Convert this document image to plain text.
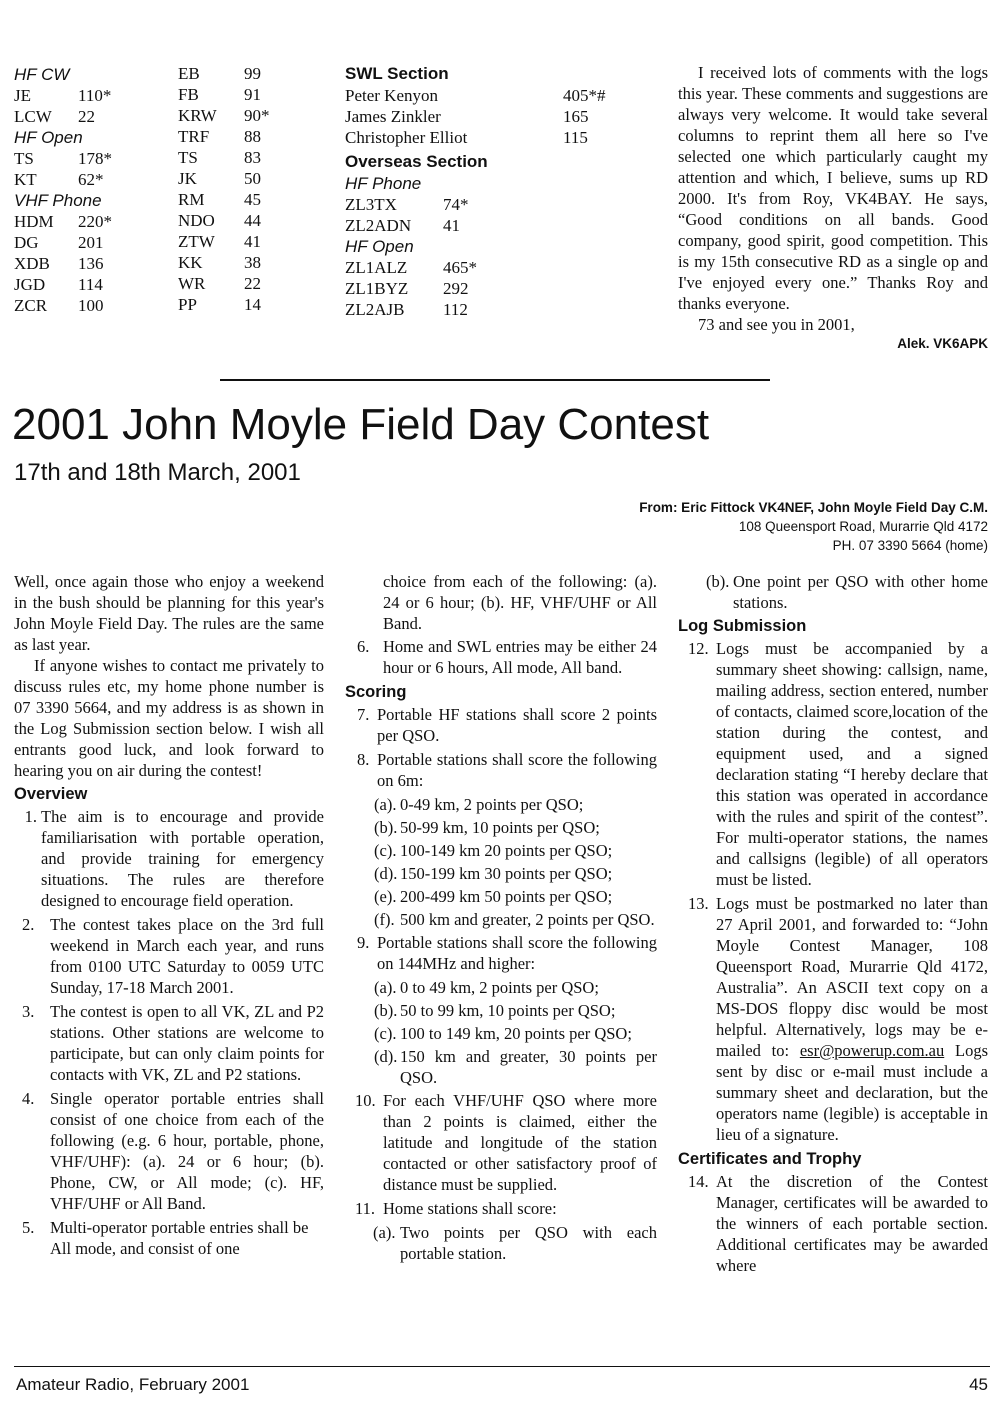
HF CW
JE	110*
LCW 22
HF Open
TS	178*
KT 62*
VHF Phone
HDM 220*
DG 201
XDB 136
JGD 114
ZCR 100
EB	99
FB	91
KRW 90*
TRF 88
TS	83
JK	50
RM 45
NDO 44
ZTW 41
KK 38
WR 22
PP	14
SWL Section
Peter Kenyon	405*#
James Zinkler	165
Christopher Elliot	115
Overseas Section
HF Phone
ZL3TX	74*
ZL2ADN 41
HF Open
ZL1ALZ 465*
ZL1BYZ 292
ZL2AJB 112

I received lots of comments with the logs this year. These comments and suggestions are always very welcome. It would take several columns to reprint them all here so I've selected one which particularly caught my attention and which, I believe, sums up RD 2000. It's from Roy, VK4BAY. He says, “Good conditions on all bands. Good company, good spirit, good competition. This is my 15th consecutive RD as a single op and I've enjoyed every one.” Thanks Roy and thanks everyone.

73 and see you in 2001,

Alek. VK6APK
2001 John Moyle Field Day Contest
17th and 18th March, 2001
From: Eric Fittock VK4NEF, John Moyle Field Day C.M.
108 Queensport Road, Murarrie Qld 4172
PH. 07 3390 5664 (home)

Well, once again those who enjoy a weekend in the bush should be planning for this year's John Moyle Field Day. The rules are the same as last year.

If anyone wishes to contact me privately to discuss rules etc, my home phone number is 07 3390 5664, and my address is as shown in the Log Submission section below. I wish all entrants good luck, and look forward to hearing you on air during the contest!

Overview
1. The aim is to encourage and provide familiarisation with portable operation, and provide training for emergency situations. The rules are therefore designed to encourage field operation.
2. The contest takes place on the 3rd full weekend in March each year, and runs from 0100 UTC Saturday to 0059 UTC Sunday, 17-18 March 2001.
3. The contest is open to all VK, ZL and P2 stations. Other stations are welcome to participate, but can only claim points for contacts with VK, ZL and P2 stations.
4. Single operator portable entries shall consist of one choice from each of the following (e.g. 6 hour, portable, phone, VHF/UHF): (a). 24 or 6 hour; (b). Phone, CW, or All mode; (c). HF, VHF/UHF or All Band.
5. Multi-operator portable entries shall be All mode, and consist of one

choice from each of the following: (a). 24 or 6 hour; (b). HF, VHF/UHF or All Band.

6. Home and SWL entries may be either 24 hour or 6 hours, All mode, All band.
Scoring
7. Portable HF stations shall score 2 points per QSO.
8. Portable stations shall score the following on 6m:
(a). 0-49 km, 2 points per QSO;
(b). 50-99 km, 10 points per QSO;
(c). 100-149 km 20 points per QSO;
(d). 150-199 km 30 points per QSO;
(e). 200-499 km 50 points per QSO;
(f). 500 km and greater, 2 points per QSO.
9. Portable stations shall score the following on 144MHz and higher:
(a). 0 to 49 km, 2 points per QSO;
(b). 50 to 99 km, 10 points per QSO;
(c). 100 to 149 km, 20 points per QSO;
(d). 150 km and greater, 30 points per QSO.
10. For each VHF/UHF QSO where more than 2 points is claimed, either the latitude and longitude of the station contacted or other satisfactory proof of distance must be supplied.
11. Home stations shall score:
(a). Two points per QSO with each portable station.
(b). One point per QSO with other home stations.
Log Submission
12. Logs must be accompanied by a summary sheet showing: callsign, name, mailing address, section entered, number of contacts, claimed score,location of the station during the contest, and equipment used, and a signed declaration stating “I hereby declare that this station was operated in accordance with the rules and spirit of the contest”. For multi-operator stations, the names and callsigns (legible) of all operators must be listed.
13. Logs must be postmarked no later than 27 April 2001, and forwarded to: “John Moyle Contest Manager, 108 Queensport Road, Murarrie Qld 4172, Australia”. An ASCII text copy on a MS-DOS floppy disc would be most helpful. Alternatively, logs may be e-mailed to: esr@powerup.com.au Logs sent by disc or e-mail must include a summary sheet and declaration, but the operators name (legible) is acceptable in lieu of a signature.
Certificates and Trophy
14. At the discretion of the Contest Manager, certificates will be awarded to the winners of each portable section. Additional certificates may be awarded where
Amateur Radio, February 2001	45
